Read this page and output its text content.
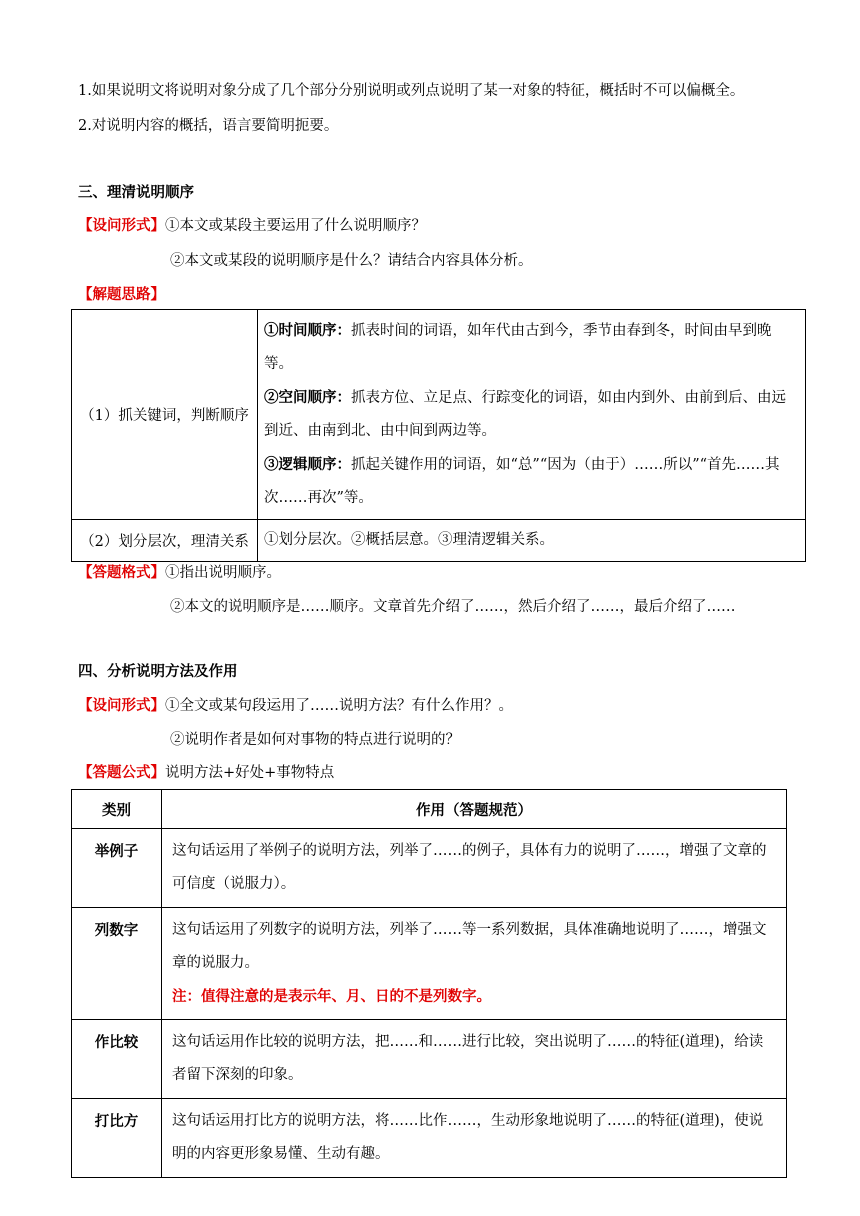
1.如果说明文将说明对象分成了几个部分分别说明或列点说明了某一对象的特征，概括时不可以偏概全。
2.对说明内容的概括，语言要简明扼要。
三、理清说明顺序
【设问形式】①本文或某段主要运用了什么说明顺序？
②本文或某段的说明顺序是什么？请结合内容具体分析。
【解题思路】
（1）抓关键词，判断顺序	①时间顺序：抓表时间的词语，如年代由古到今，季节由春到冬，时间由早到晚等。

②空间顺序：抓表方位、立足点、行踪变化的词语，如由内到外、由前到后、由远到近、由南到北、由中间到两边等。

③逻辑顺序：抓起关键作用的词语，如“总”“因为（由于）……所以”“首先……其次……再次”等。

（2）划分层次，理清关系	①划分层次。②概括层意。③理清逻辑关系。
【答题格式】①指出说明顺序。
②本文的说明顺序是……顺序。文章首先介绍了……，然后介绍了……，最后介绍了……
四、分析说明方法及作用
【设问形式】①全文或某句段运用了……说明方法？有什么作用？。
②说明作者是如何对事物的特点进行说明的？
【答题公式】说明方法+好处+事物特点
类别	作用（答题规范）
举例子	这句话运用了举例子的说明方法，列举了……的例子，具体有力的说明了……，增强了文章的可信度（说服力）。

列数字	这句话运用了列数字的说明方法，列举了……等一系列数据，具体准确地说明了……，增强文章的说服力。

注：值得注意的是表示年、月、日的不是列数字。

作比较	这句话运用作比较的说明方法，把……和……进行比较，突出说明了……的特征(道理)，给读者留下深刻的印象。

打比方	这句话运用打比方的说明方法，将……比作……，生动形象地说明了……的特征(道理)，使说明的内容更形象易懂、生动有趣。
